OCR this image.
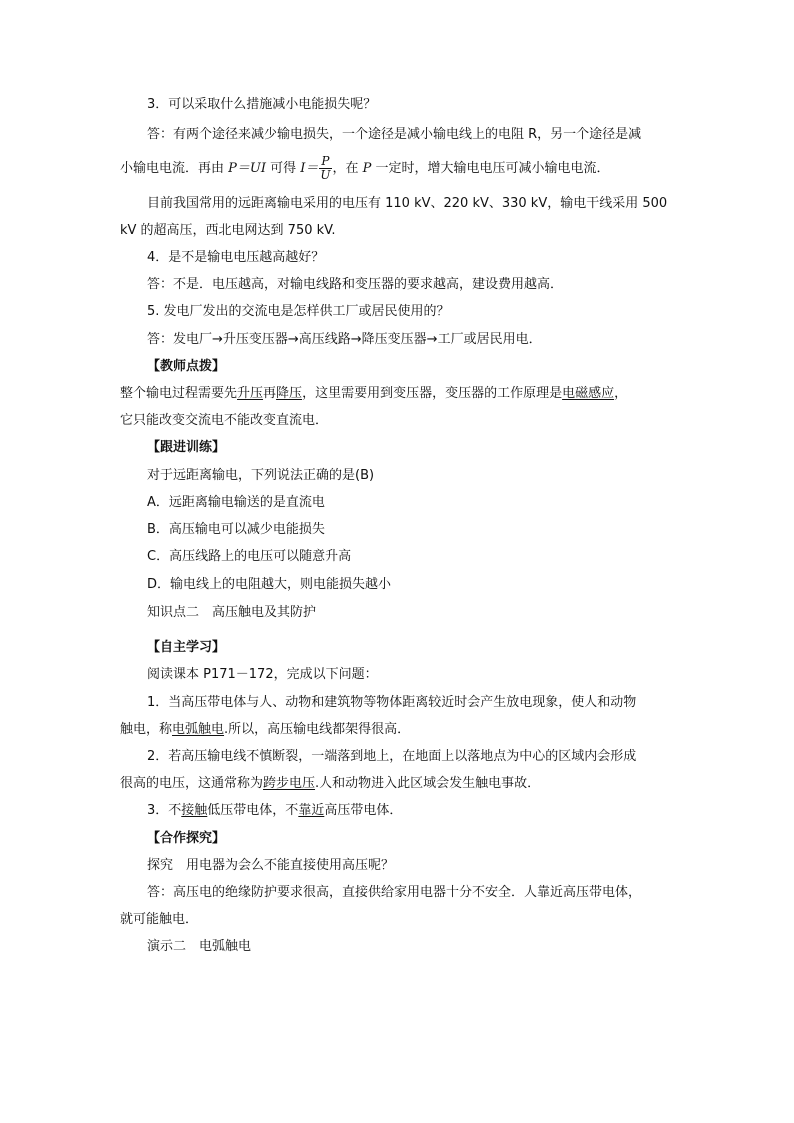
3．可以采取什么措施减小电能损失呢？
答：有两个途径来减少输电损失，一个途径是减小输电线上的电阻 R，另一个途径是减
小输电电流．再由 P＝UI 可得 $I= \frac{P}{U}$ ，在 P 一定时，增大输电电压可减小输电电流．
目前我国常用的远距离输电采用的电压有 110 kV、220 kV、330 kV，输电干线采用 500
kV 的超高压，西北电网达到 750 kV.
4．是不是输电电压越高越好？
答：不是．电压越高，对输电线路和变压器的要求越高，建设费用越高．
5. 发电厂发出的交流电是怎样供工厂或居民使用的？
答：发电厂→升压变压器→高压线路→降压变压器→工厂或居民用电．
【教师点拨】
整个输电过程需要先升压再降压，这里需要用到变压器，变压器的工作原理是电磁感应，
它只能改变交流电不能改变直流电．
【跟进训练】
对于远距离输电，下列说法正确的是(B)
A．远距离输电输送的是直流电
B．高压输电可以减少电能损失
C．高压线路上的电压可以随意升高
D．输电线上的电阻越大，则电能损失越小
知识点二　高压触电及其防护
【自主学习】
阅读课本 P171－172，完成以下问题：
1．当高压带电体与人、动物和建筑物等物体距离较近时会产生放电现象，使人和动物
触电，称电弧触电.所以，高压输电线都架得很高．
2．若高压输电线不慎断裂，一端落到地上，在地面上以落地点为中心的区域内会形成
很高的电压，这通常称为跨步电压.人和动物进入此区域会发生触电事故．
3．不接触低压带电体，不靠近高压带电体．
【合作探究】
探究　用电器为会么不能直接使用高压呢？
答：高压电的绝缘防护要求很高，直接供给家用电器十分不安全．人靠近高压带电体，
就可能触电．
演示二　电弧触电
